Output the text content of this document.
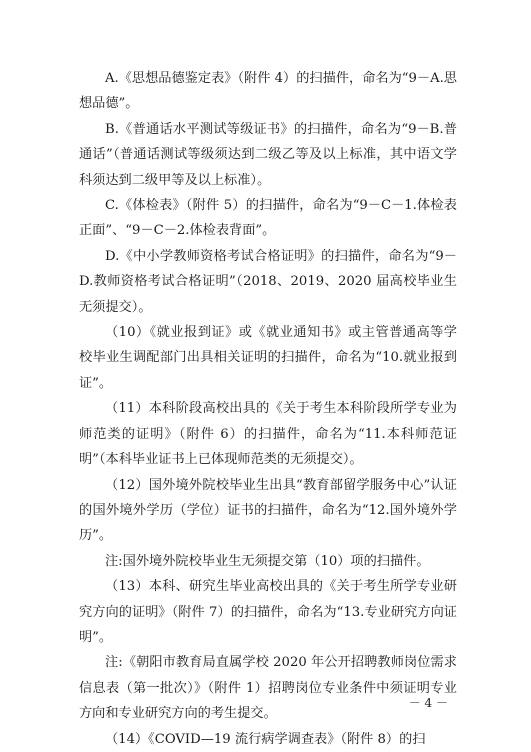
A.《思想品德鉴定表》（附件 4）的扫描件，命名为“9－A.思想品德”。

B.《普通话水平测试等级证书》的扫描件，命名为“9－B.普通话”（普通话测试等级须达到二级乙等及以上标准，其中语文学科须达到二级甲等及以上标准）。

C.《体检表》（附件 5）的扫描件，命名为“9－C－1.体检表正面”、“9－C－2.体检表背面”。

D.《中小学教师资格考试合格证明》的扫描件，命名为“9－D.教师资格考试合格证明”（2018、2019、2020 届高校毕业生无须提交）。

（10）《就业报到证》或《就业通知书》或主管普通高等学校毕业生调配部门出具相关证明的扫描件，命名为“10.就业报到证”。

（11）本科阶段高校出具的《关于考生本科阶段所学专业为师范类的证明》（附件 6）的扫描件，命名为“11.本科师范证明”（本科毕业证书上已体现师范类的无须提交）。

（12）国外境外院校毕业生出具“教育部留学服务中心”认证的国外境外学历（学位）证书的扫描件，命名为“12.国外境外学历”。

注:国外境外院校毕业生无须提交第（10）项的扫描件。

（13）本科、研究生毕业高校出具的《关于考生所学专业研究方向的证明》（附件 7）的扫描件，命名为“13.专业研究方向证明”。

注:《朝阳市教育局直属学校 2020 年公开招聘教师岗位需求信息表（第一批次）》（附件 1）招聘岗位专业条件中须证明专业方向和专业研究方向的考生提交。

（14）《COVID—19 流行病学调查表》（附件 8）的扫

－ 4 －
